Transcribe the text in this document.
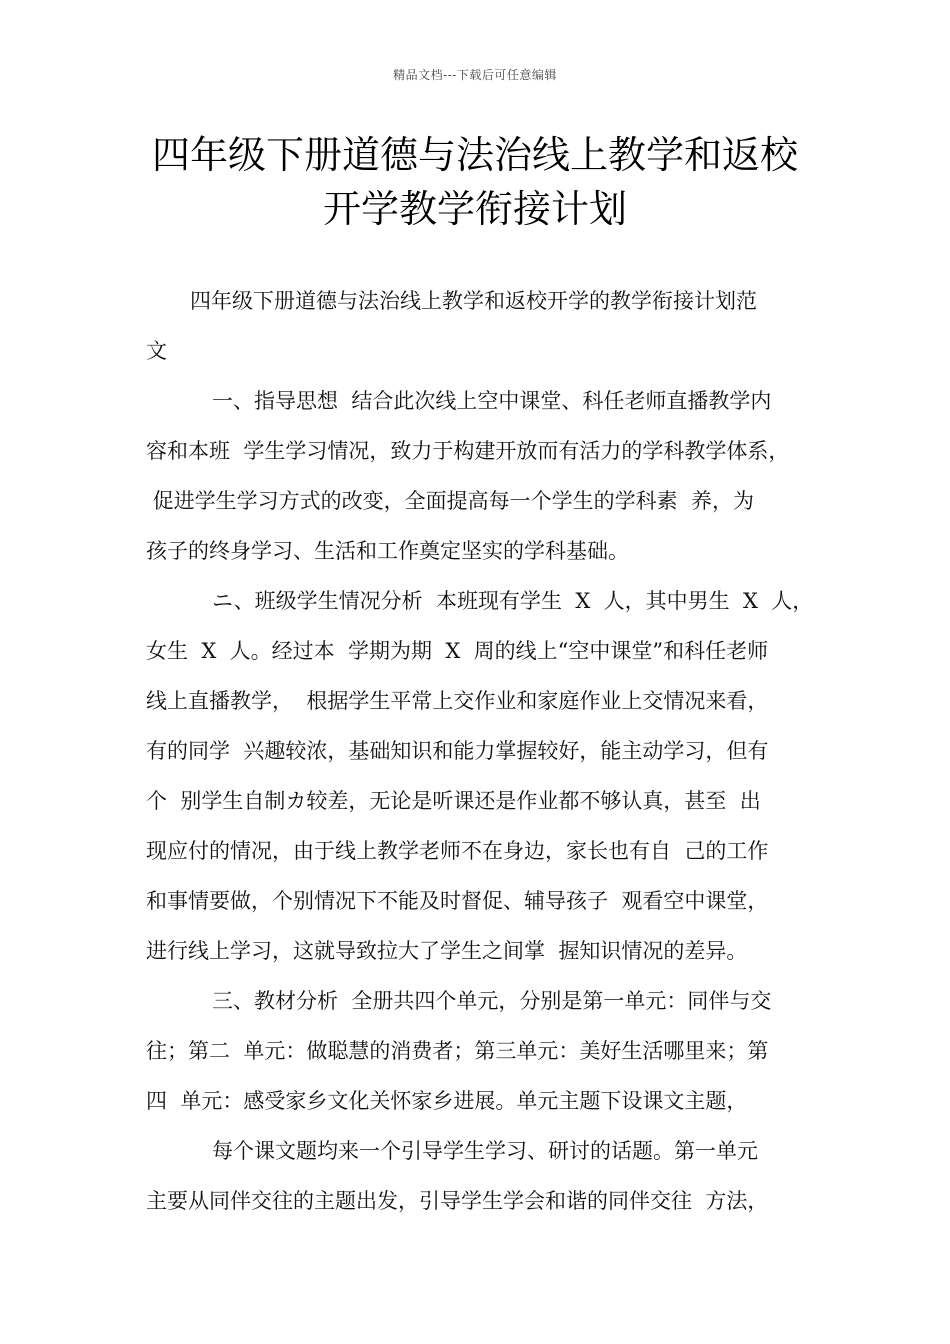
精品文档---下载后可任意编辑
四年级下册道德与法治线上教学和返校
开学教学衔接计划
四年级下册道德与法治线上教学和返校开学的教学衔接计划范
文
一、指导思想  结合此次线上空中课堂、科任老师直播教学内
容和本班  学生学习情况，致力于构建开放而有活力的学科教学体系，
促进学生学习方式的改变，全面提高每一个学生的学科素  养，为
孩子的终身学习、生活和工作奠定坚实的学科基础。
ニ、班级学生情况分析  本班现有学生  X  人，其中男生  X  人，
女生  X  人。经过本  学期为期  X  周的线上“空中课堂”和科任老师
线上直播教学，  根据学生平常上交作业和家庭作业上交情况来看，
有的同学  兴趣较浓，基础知识和能力掌握较好，能主动学习，但有
个  别学生自制カ较差，无论是听课还是作业都不够认真，甚至  出
现应付的情况，由于线上教学老师不在身边，家长也有自  己的工作
和事情要做，个别情况下不能及时督促、辅导孩子  观看空中课堂，
进行线上学习，这就导致拉大了学生之间掌  握知识情况的差异。
三、教材分析  全册共四个单元，分别是第一单元：同伴与交
往；第二  单元：做聪慧的消费者；第三单元：美好生活哪里来；第
四  单元：感受家乡文化关怀家乡进展。单元主题下设课文主题，
每个课文题均来一个引导学生学习、研讨的话题。第一单元
主要从同伴交往的主题出发，引导学生学会和谐的同伴交往  方法，
